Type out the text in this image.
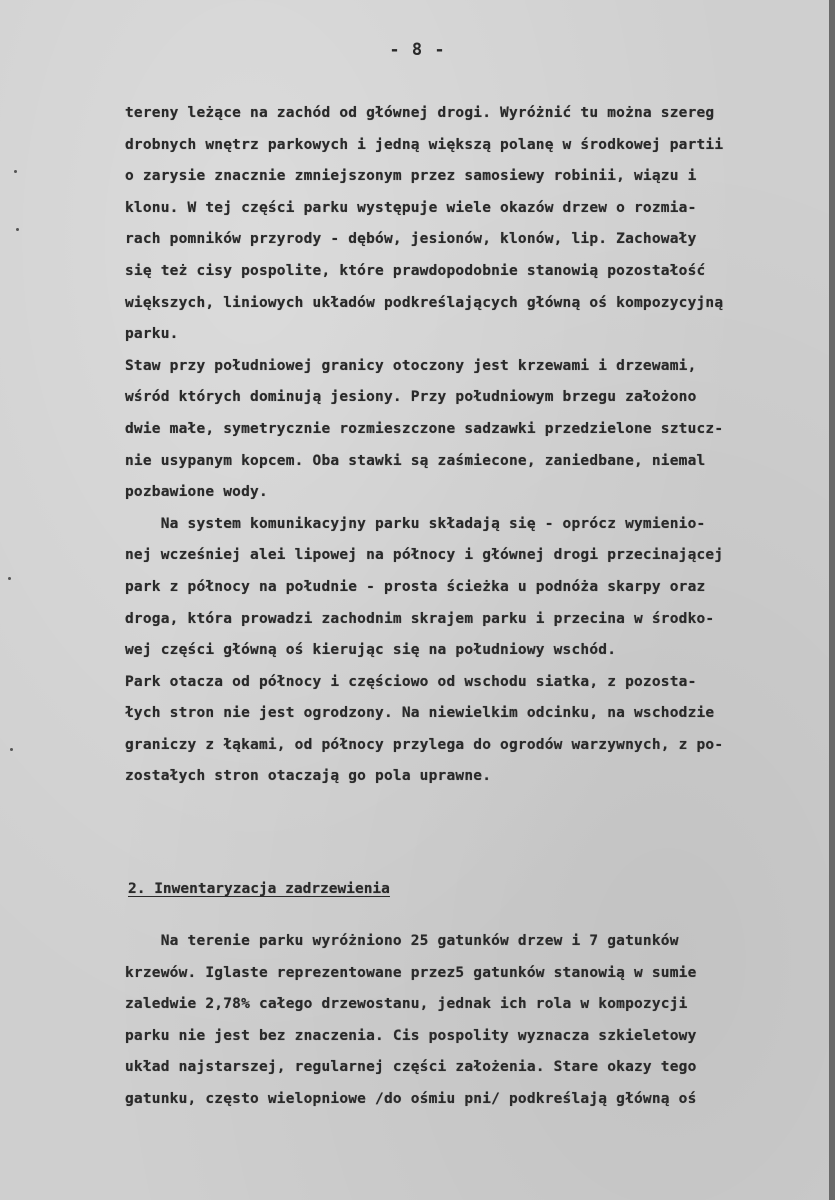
- 8 -
tereny leżące na zachód od głównej drogi. Wyróżnić tu można szereg
drobnych wnętrz parkowych i jedną większą polanę w środkowej partii
o zarysie znacznie zmniejszonym przez samosiewy robinii, wiązu i
klonu. W tej części parku występuje wiele okazów drzew o rozmia-
rach pomników przyrody - dębów, jesionów, klonów, lip. Zachowały
się też cisy pospolite, które prawdopodobnie stanowią pozostałość
większych, liniowych układów podkreślających główną oś kompozycyjną
parku.
Staw przy południowej granicy otoczony jest krzewami i drzewami,
wśród których dominują jesiony. Przy południowym brzegu założono
dwie małe, symetrycznie rozmieszczone sadzawki przedzielone sztucz-
nie usypanym kopcem. Oba stawki są zaśmiecone, zaniedbane, niemal
pozbawione wody.
Na system komunikacyjny parku składają się - oprócz wymienio-
nej wcześniej alei lipowej na północy i głównej drogi przecinającej
park z północy na południe - prosta ścieżka u podnóża skarpy oraz
droga, która prowadzi zachodnim skrajem parku i przecina w środko-
wej części główną oś kierując się na południowy wschód.
Park otacza od północy i częściowo od wschodu siatka, z pozosta-
łych stron nie jest ogrodzony. Na niewielkim odcinku, na wschodzie
graniczy z łąkami, od północy przylega do ogrodów warzywnych, z po-
zostałych stron otaczają go pola uprawne.
2. Inwentaryzacja zadrzewienia
Na terenie parku wyróżniono 25 gatunków drzew i 7 gatunków
krzewów. Iglaste reprezentowane przez5 gatunków stanowią w sumie
zaledwie 2,78% całego drzewostanu, jednak ich rola w kompozycji
parku nie jest bez znaczenia. Cis pospolity wyznacza szkieletowy
układ najstarszej, regularnej części założenia. Stare okazy tego
gatunku, często wielopniowe /do ośmiu pni/ podkreślają główną oś
